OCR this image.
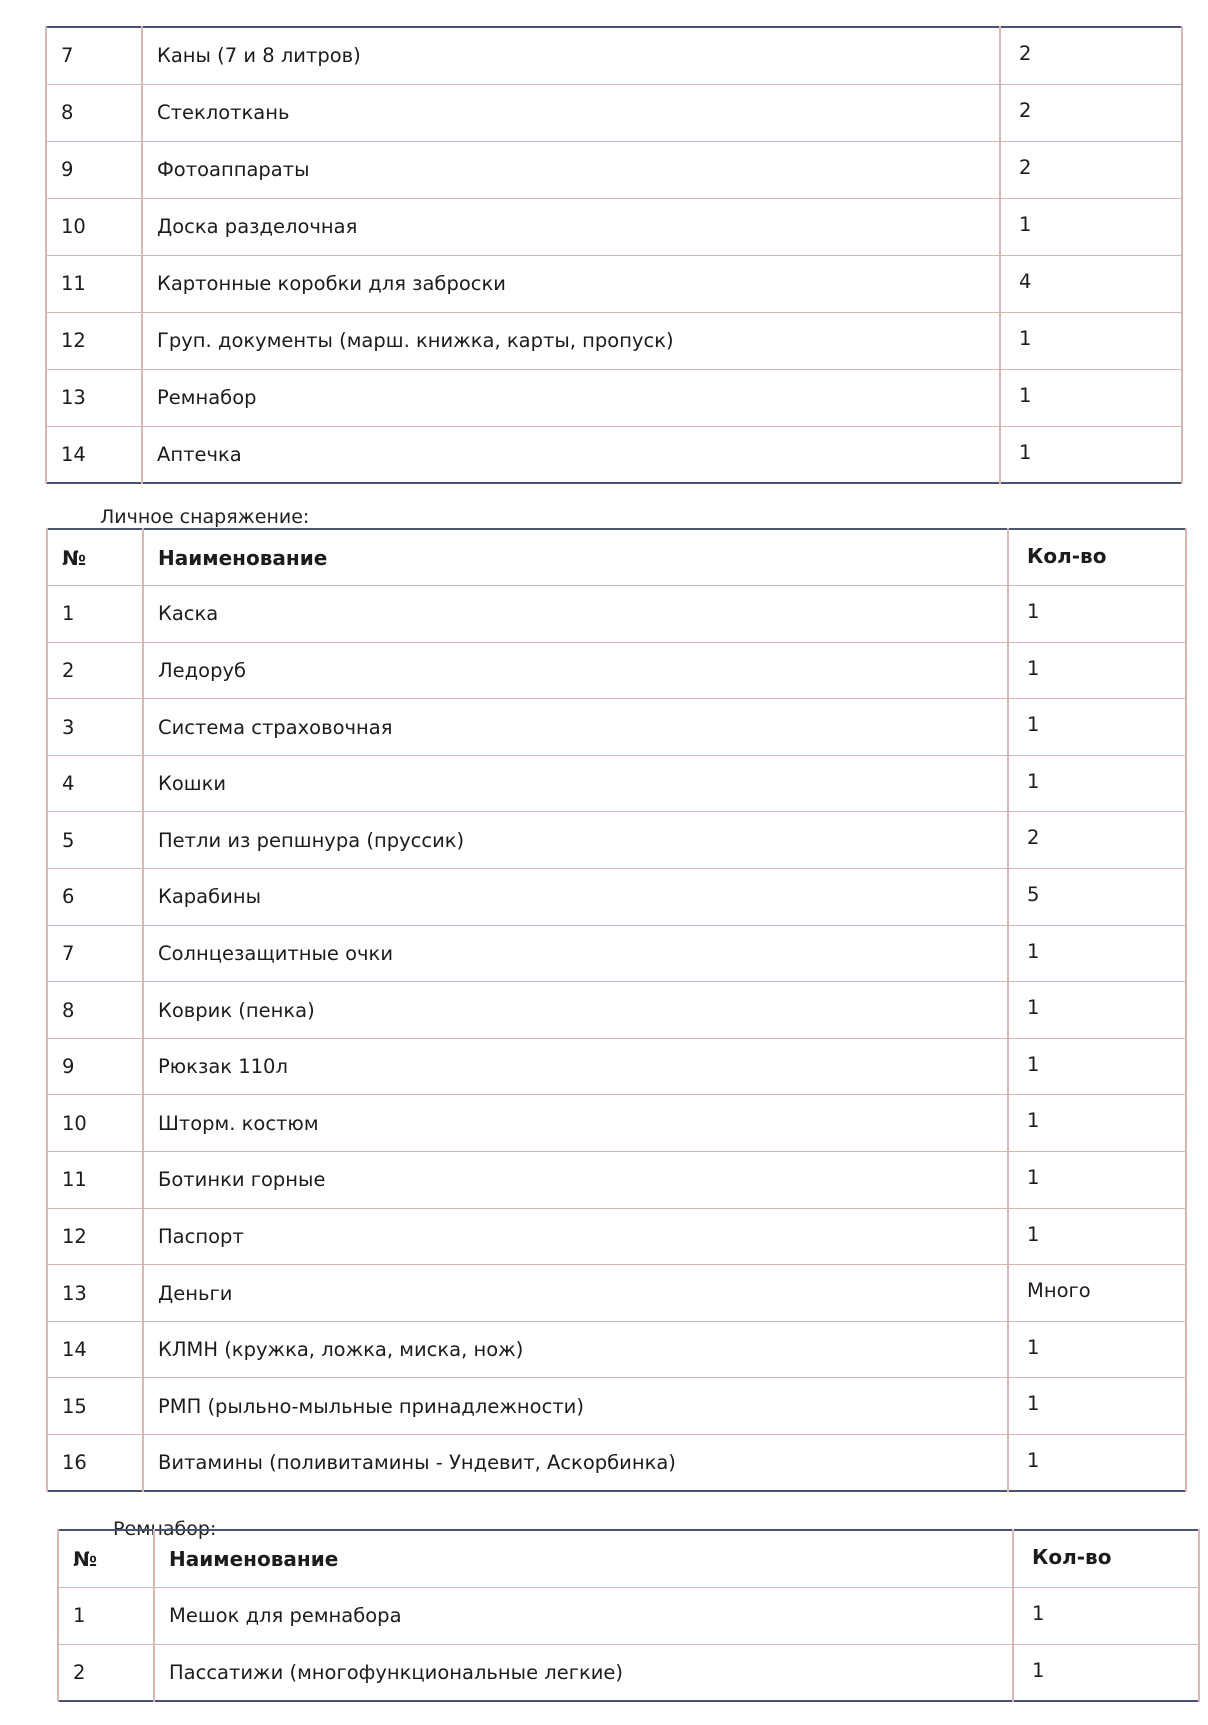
7	Каны (7 и 8 литров)	2
8	Стеклоткань	2
9	Фотоаппараты	2
10	Доска разделочная	1
11	Картонные коробки для заброски	4
12	Груп. документы (марш. книжка, карты, пропуск)	1
13	Ремнабор	1
14	Аптечка	1
Личное снаряжение:
№	Наименование	Кол-во
1	Каска	1
2	Ледоруб	1
3	Система страховочная	1
4	Кошки	1
5	Петли из репшнура (пруссик)	2
6	Карабины	5
7	Солнцезащитные очки	1
8	Коврик (пенка)	1
9	Рюкзак 110л	1
10	Шторм. костюм	1
11	Ботинки горные	1
12	Паспорт	1
13	Деньги	Много
14	КЛМН (кружка, ложка, миска, нож)	1
15	РМП (рыльно-мыльные принадлежности)	1
16	Витамины (поливитамины - Ундевит, Аскорбинка)	1
Ремнабор:
№	Наименование	Кол-во
1	Мешок для ремнабора	1
2	Пассатижи (многофункциональные легкие)	1
